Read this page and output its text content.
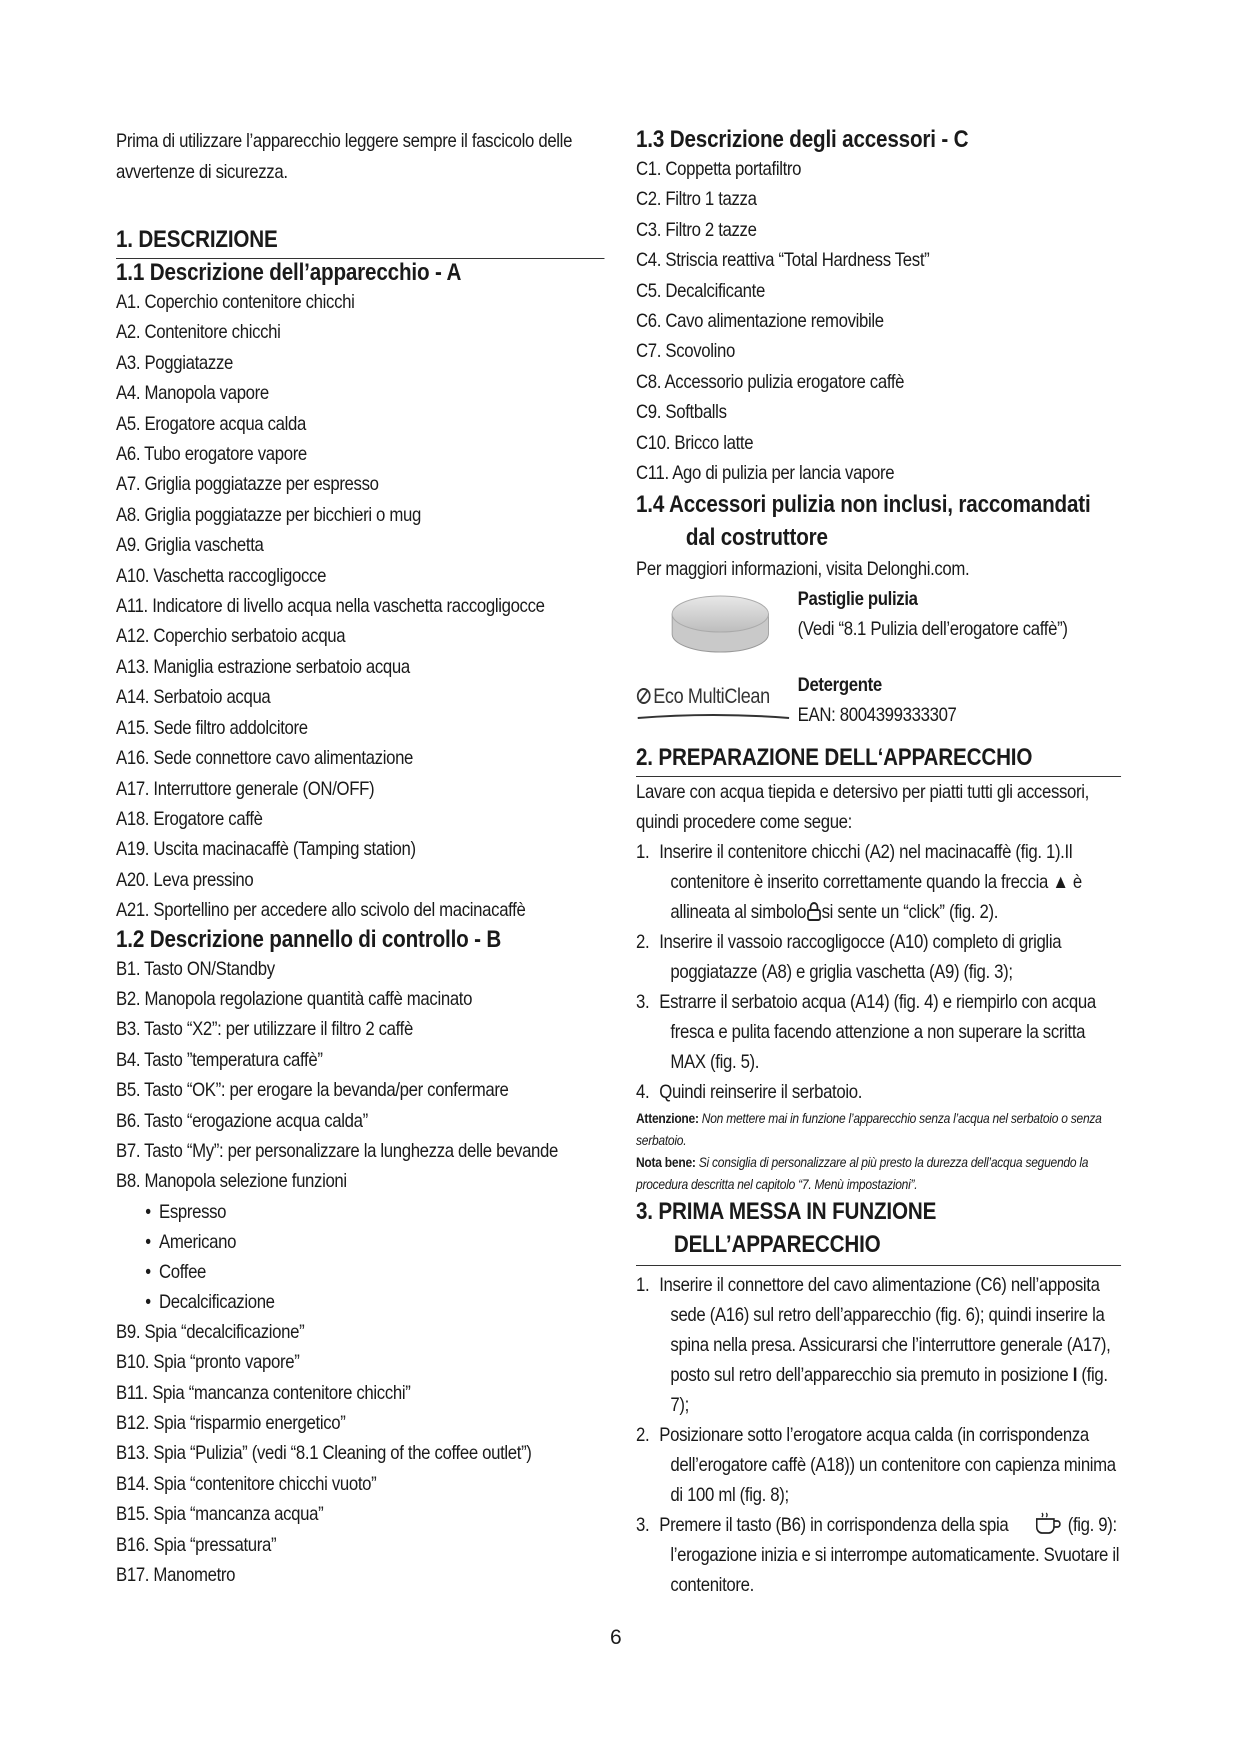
Prima di utilizzare l’apparecchio leggere sempre il fascicolo delle avvertenze di sicurezza.

1. DESCRIZIONE
1.1 Descrizione dell’apparecchio - A
A1. Coperchio contenitore chicchi
A2. Contenitore chicchi
A3. Poggiatazze
A4. Manopola vapore
A5. Erogatore acqua calda
A6. Tubo erogatore vapore
A7. Griglia poggiatazze per espresso
A8. Griglia poggiatazze per bicchieri o mug
A9. Griglia vaschetta
A10. Vaschetta raccogligocce
A11. Indicatore di livello acqua nella vaschetta raccogligocce
A12. Coperchio serbatoio acqua
A13. Maniglia estrazione serbatoio acqua
A14. Serbatoio acqua
A15. Sede filtro addolcitore
A16. Sede connettore cavo alimentazione
A17. Interruttore generale (ON/OFF)
A18. Erogatore caffè
A19. Uscita macinacaffè (Tamping station)
A20. Leva pressino
A21. Sportellino per accedere allo scivolo del macinacaffè
1.2 Descrizione pannello di controllo - B
B1. Tasto ON/Standby
B2. Manopola regolazione quantità caffè macinato
B3. Tasto “X2”: per utilizzare il filtro 2 caffè
B4. Tasto ”temperatura caffè”
B5. Tasto “OK”: per erogare la bevanda/per confermare
B6. Tasto “erogazione acqua calda”
B7. Tasto “My”: per personalizzare la lunghezza delle bevande
B8. Manopola selezione funzioni
• Espresso
• Americano
• Coffee
• Decalcificazione
B9. Spia “decalcificazione”
B10. Spia “pronto vapore”
B11. Spia “mancanza contenitore chicchi”
B12. Spia “risparmio energetico”
B13. Spia “Pulizia” (vedi “8.1 Cleaning of the coffee outlet”)
B14. Spia “contenitore chicchi vuoto”
B15. Spia “mancanza acqua”
B16. Spia “pressatura”
B17. Manometro
1.3 Descrizione degli accessori - C
C1. Coppetta portafiltro
C2. Filtro 1 tazza
C3. Filtro 2 tazze
C4. Striscia reattiva “Total Hardness Test”
C5. Decalcificante
C6. Cavo alimentazione removibile
C7. Scovolino
C8. Accessorio pulizia erogatore caffè
C9. Softballs
C10. Bricco latte
C11. Ago di pulizia per lancia vapore
1.4 Accessori pulizia non inclusi, raccomandati
dal costruttore

Per maggiori informazioni, visita Delonghi.com.

Pastiglie pulizia

(Vedi “8.1 Pulizia dell’erogatore caffè”)

Eco MultiClean Detergente

EAN: 8004399333307

2. PREPARAZIONE DELL‘APPARECCHIO

Lavare con acqua tiepida e detersivo per piatti tutti gli accessori,

quindi procedere come segue:

1. Inserire il contenitore chicchi (A2) nel macinacaffè (fig. 1).Il contenitore è inserito correttamente quando la freccia ▲ è allineata al simbolo si sente un “click” (fig. 2).
2. Inserire il vassoio raccogligocce (A10) completo di griglia poggiatazze (A8) e griglia vaschetta (A9) (fig. 3);
3. Estrarre il serbatoio acqua (A14) (fig. 4) e riempirlo con acqua fresca e pulita facendo attenzione a non superare la scritta MAX (fig. 5).
4. Quindi reinserire il serbatoio.

Attenzione: Non mettere mai in funzione l’apparecchio senza l’acqua nel serbatoio o senza serbatoio.

Nota bene: Si consiglia di personalizzare al più presto la durezza dell’acqua seguendo la procedura descritta nel capitolo “7. Menù impostazioni”.

3. PRIMA MESSA IN FUNZIONE
DELL’APPARECCHIO
1. Inserire il connettore del cavo alimentazione (C6) nell’apposita sede (A16) sul retro dell’apparecchio (fig. 6); quindi inserire la spina nella presa. Assicurarsi che l’interruttore generale (A17), posto sul retro dell’apparecchio sia premuto in posizione I (fig. 7);
2. Posizionare sotto l’erogatore acqua calda (in corrispondenza dell’erogatore caffè (A18)) un contenitore con capienza minima di 100 ml (fig. 8);
3. Premere il tasto (B6) in corrispondenza della spia	(fig. 9): l’erogazione inizia e si interrompe automaticamente. Svuotare il contenitore.
6
